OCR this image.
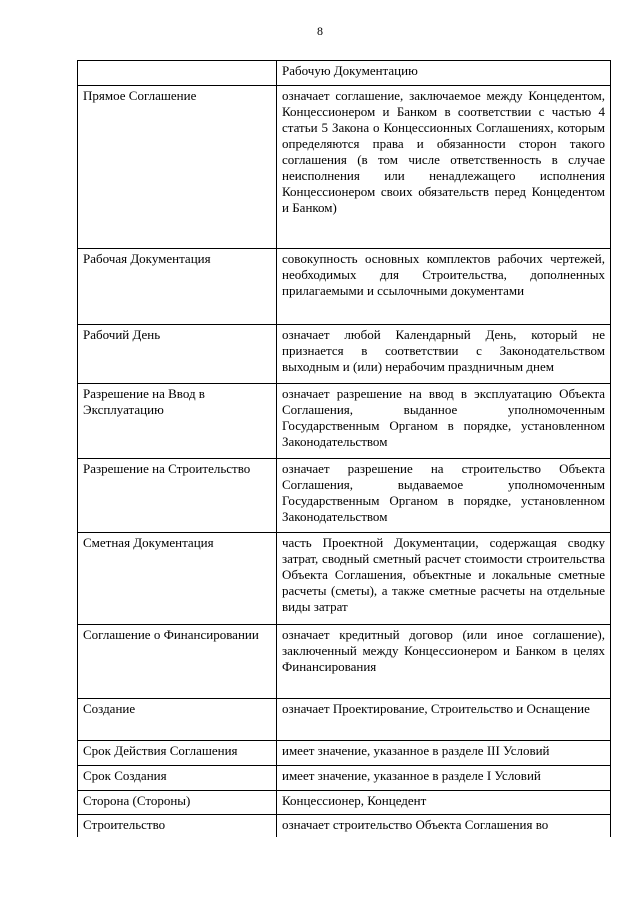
8
	Рабочую Документацию
Прямое Соглашение	означает соглашение, заключаемое между Концедентом, Концессионером и Банком в соответствии с частью 4 статьи 5 Закона о Концессионных Соглашениях, которым определяются права и обязанности сторон такого соглашения (в том числе ответственность в случае неисполнения или ненадлежащего исполнения Концессионером своих обязательств перед Концедентом и Банком)
Рабочая Документация	совокупность основных комплектов рабочих чертежей, необходимых для Строительства, дополненных прилагаемыми и ссылочными документами
Рабочий День	означает любой Календарный День, который не признается в соответствии с Законодательством выходным и (или) нерабочим праздничным днем
Разрешение на Ввод в Эксплуатацию	означает разрешение на ввод в эксплуатацию Объекта Соглашения, выданное уполномоченным Государственным Органом в порядке, установленном Законодательством
Разрешение на Строительство	означает разрешение на строительство Объекта Соглашения, выдаваемое уполномоченным Государственным Органом в порядке, установленном Законодательством
Сметная Документация	часть Проектной Документации, содержащая сводку затрат, сводный сметный расчет стоимости строительства Объекта Соглашения, объектные и локальные сметные расчеты (сметы), а также сметные расчеты на отдельные виды затрат
Соглашение о Финансировании	означает кредитный договор (или иное соглашение), заключенный между Концессионером и Банком в целях Финансирования
Создание	означает Проектирование, Строительство и Оснащение
Срок Действия Соглашения	имеет значение, указанное в разделе III Условий
Срок Создания	имеет значение, указанное в разделе I Условий
Сторона (Стороны)	Концессионер, Концедент
Строительство	означает строительство Объекта Соглашения во
